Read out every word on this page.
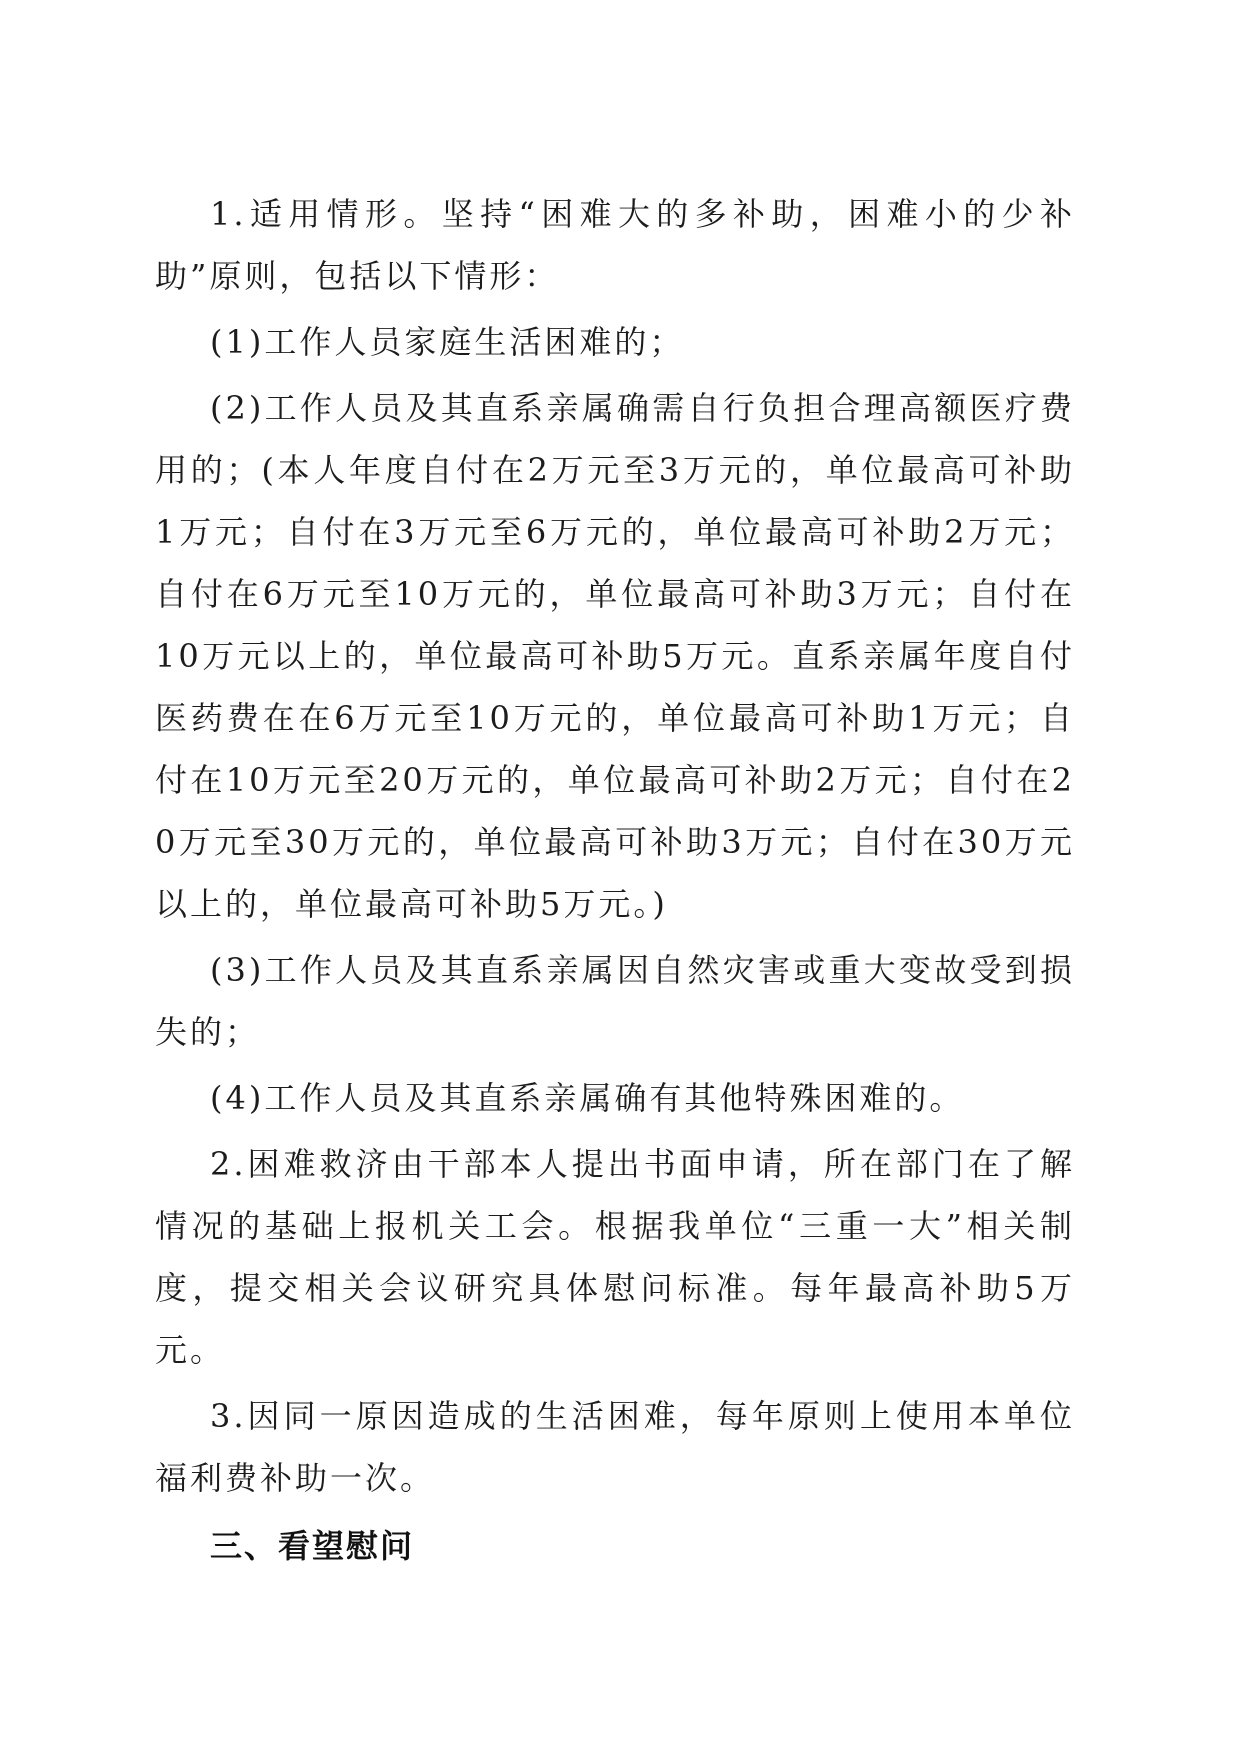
1.适用情形。坚持“困难大的多补助，困难小的少补助”原则，包括以下情形：

(1)工作人员家庭生活困难的；

(2)工作人员及其直系亲属确需自行负担合理高额医疗费用的；(本人年度自付在2万元至3万元的，单位最高可补助1万元；自付在3万元至6万元的，单位最高可补助2万元；自付在6万元至10万元的，单位最高可补助3万元；自付在10万元以上的，单位最高可补助5万元。直系亲属年度自付医药费在在6万元至10万元的，单位最高可补助1万元；自付在10万元至20万元的，单位最高可补助2万元；自付在20万元至30万元的，单位最高可补助3万元；自付在30万元以上的，单位最高可补助5万元。)

(3)工作人员及其直系亲属因自然灾害或重大变故受到损失的；

(4)工作人员及其直系亲属确有其他特殊困难的。

2.困难救济由干部本人提出书面申请，所在部门在了解情况的基础上报机关工会。根据我单位“三重一大”相关制度，提交相关会议研究具体慰问标准。每年最高补助5万元。

3.因同一原因造成的生活困难，每年原则上使用本单位福利费补助一次。

三、看望慰问
